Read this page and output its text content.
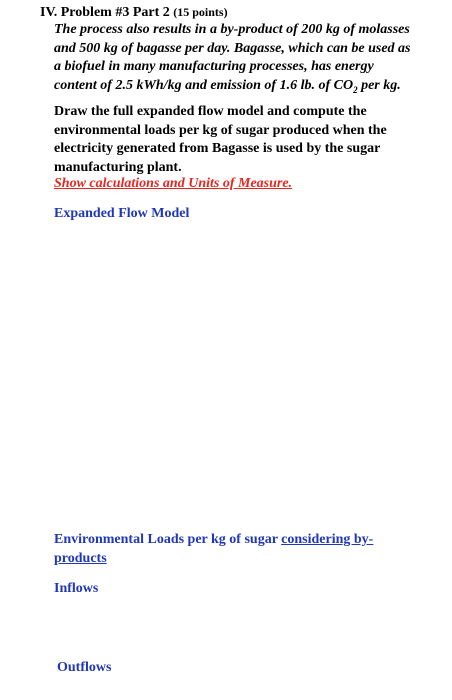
IV. Problem #3 Part 2 (15 points)
The process also results in a by-product of 200 kg of molasses and 500 kg of bagasse per day. Bagasse, which can be used as a biofuel in many manufacturing processes, has energy content of 2.5 kWh/kg and emission of 1.6 lb. of $CO_2$ per kg.
Draw the full expanded flow model and compute the environmental loads per kg of sugar produced when the electricity generated from Bagasse is used by the sugar manufacturing plant.
Show calculations and Units of Measure.
Expanded Flow Model
Environmental Loads per kg of sugar considering by-products
Inflows
Outflows
